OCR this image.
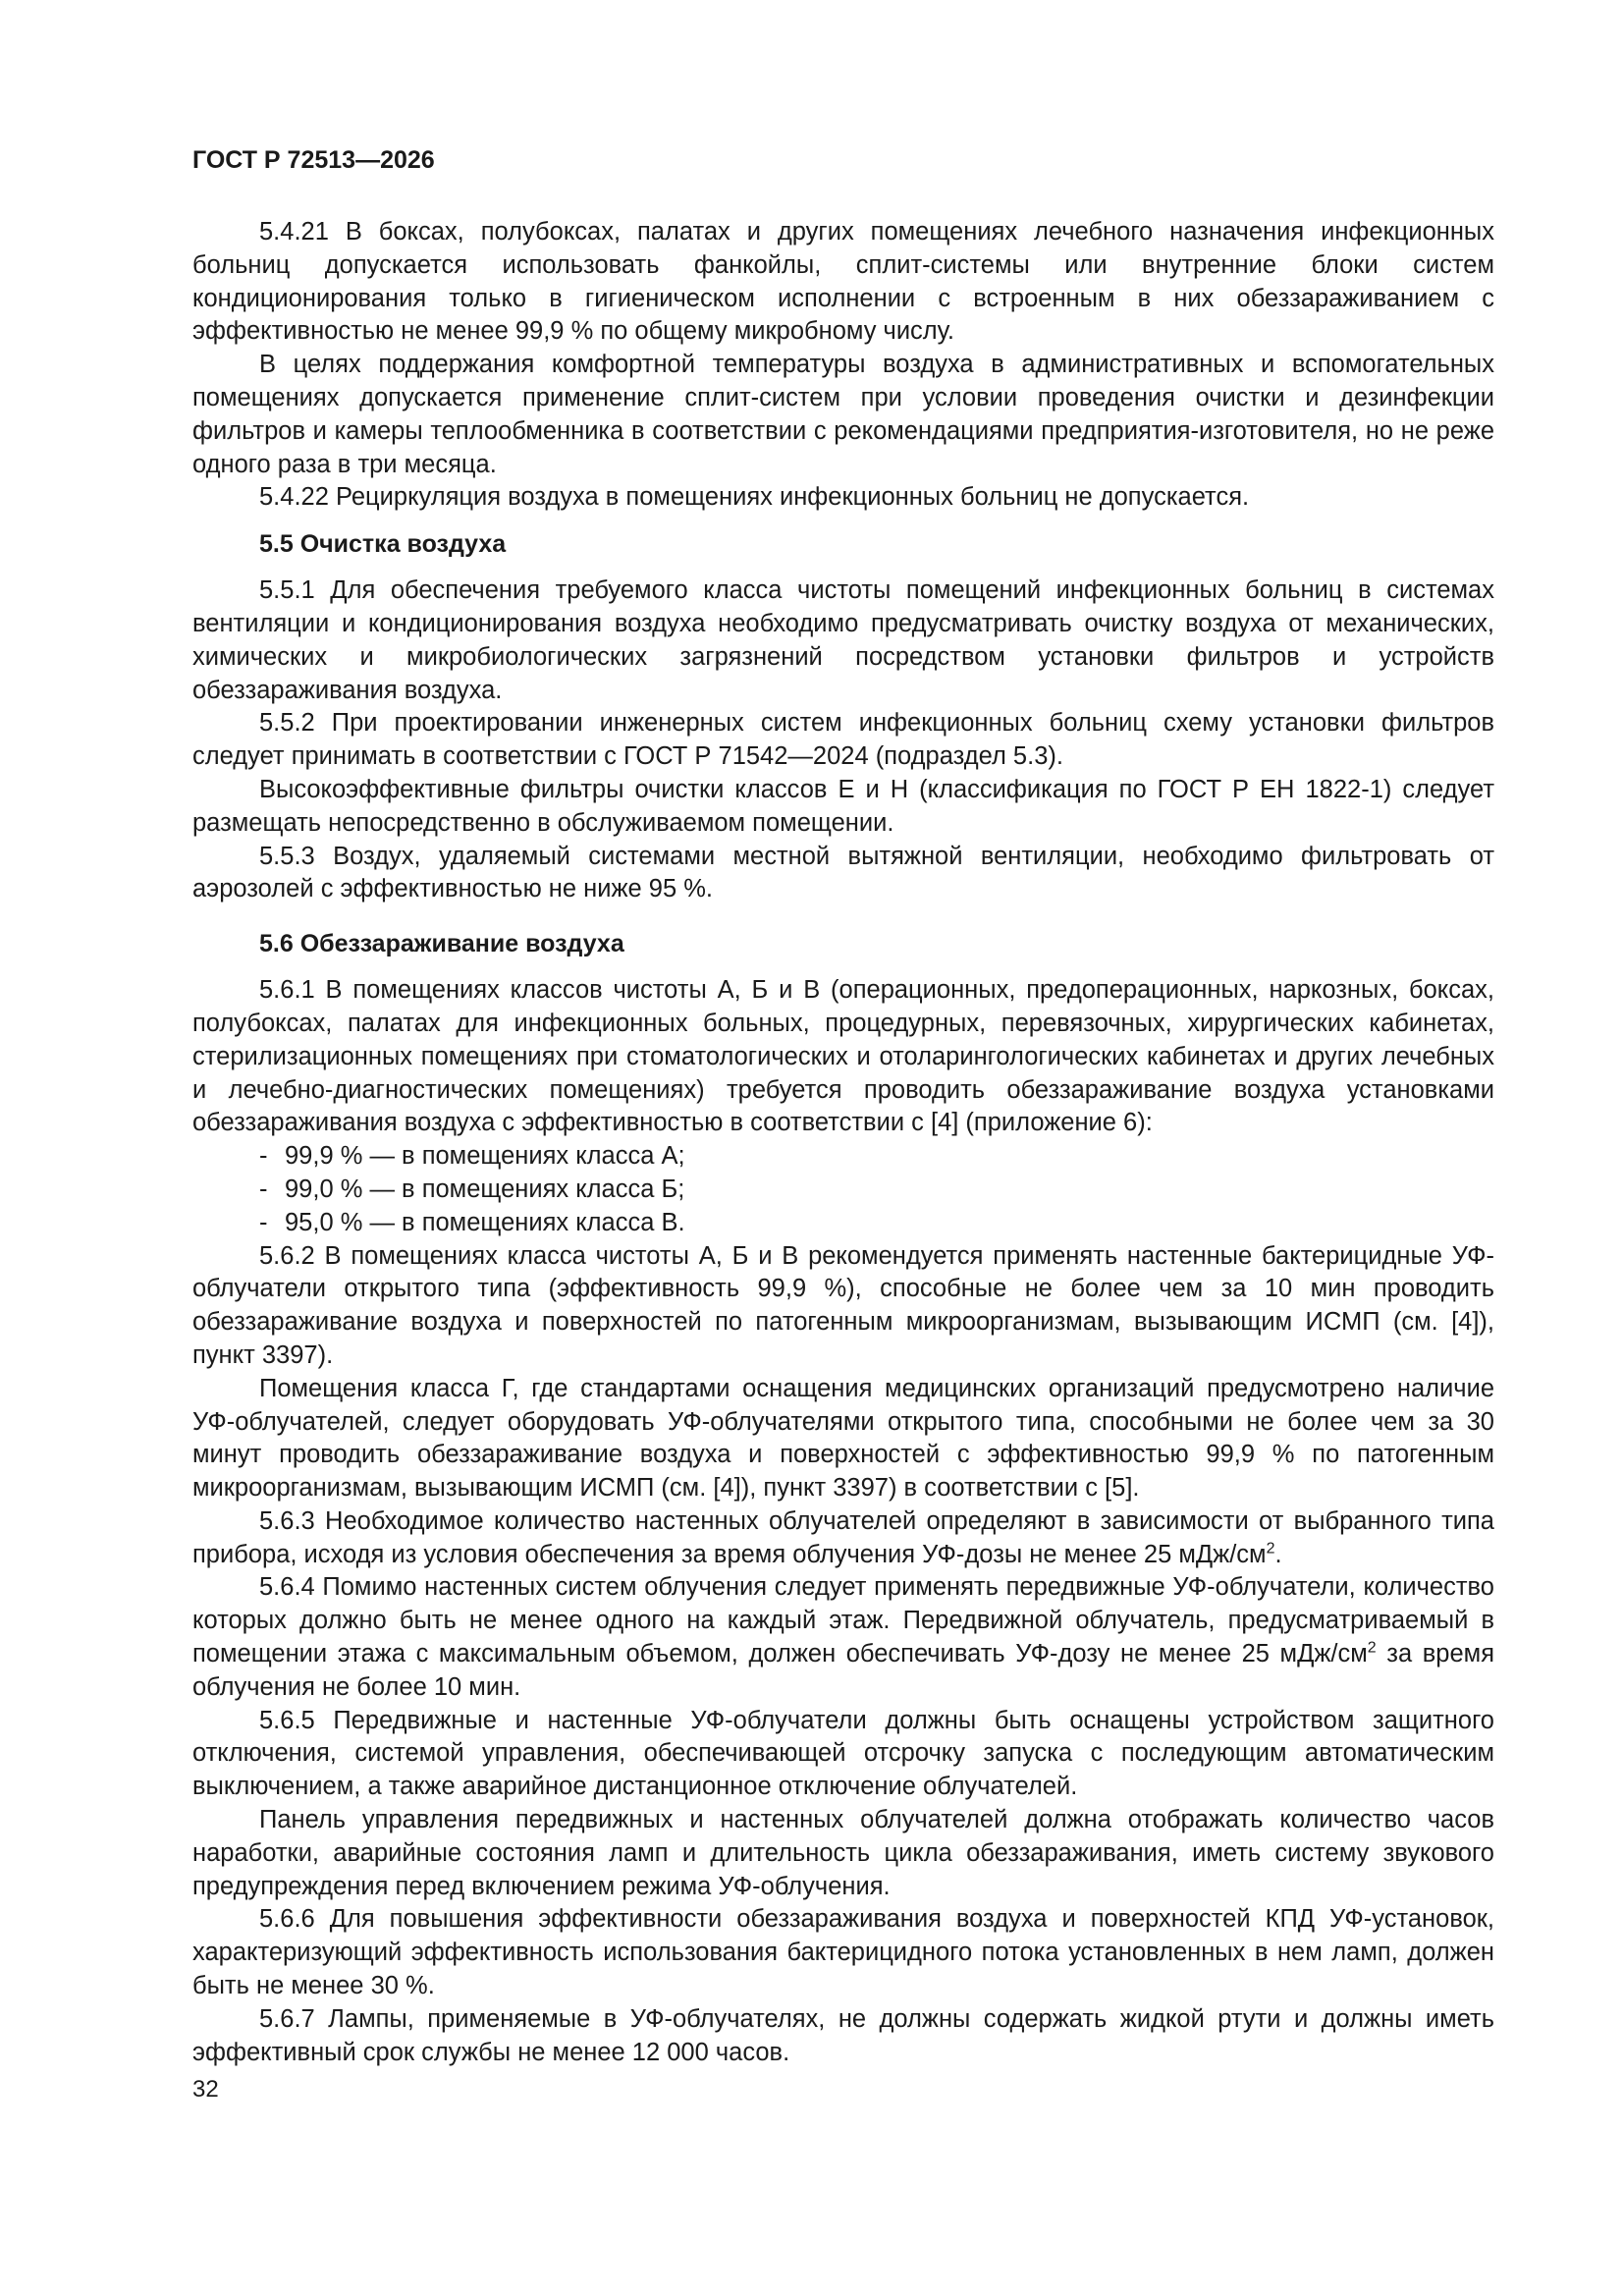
ГОСТ Р 72513—2026

5.4.21 В боксах, полубоксах, палатах и других помещениях лечебного назначения инфекционных больниц допускается использовать фанкойлы, сплит-системы или внутренние блоки систем кондиционирования только в гигиеническом исполнении с встроенным в них обеззараживанием с эффективностью не менее 99,9 % по общему микробному числу.

В целях поддержания комфортной температуры воздуха в административных и вспомогательных помещениях допускается применение сплит-систем при условии проведения очистки и дезинфекции фильтров и камеры теплообменника в соответствии с рекомендациями предприятия-изготовителя, но не реже одного раза в три месяца.

5.4.22 Рециркуляция воздуха в помещениях инфекционных больниц не допускается.

5.5 Очистка воздуха

5.5.1 Для обеспечения требуемого класса чистоты помещений инфекционных больниц в системах вентиляции и кондиционирования воздуха необходимо предусматривать очистку воздуха от механических, химических и микробиологических загрязнений посредством установки фильтров и устройств обеззараживания воздуха.

5.5.2 При проектировании инженерных систем инфекционных больниц схему установки фильтров следует принимать в соответствии с ГОСТ Р 71542—2024 (подраздел 5.3).

Высокоэффективные фильтры очистки классов Е и Н (классификация по ГОСТ Р ЕН 1822-1) следует размещать непосредственно в обслуживаемом помещении.

5.5.3 Воздух, удаляемый системами местной вытяжной вентиляции, необходимо фильтровать от аэрозолей с эффективностью не ниже 95 %.

5.6 Обеззараживание воздуха

5.6.1 В помещениях классов чистоты А, Б и В (операционных, предоперационных, наркозных, боксах, полубоксах, палатах для инфекционных больных, процедурных, перевязочных, хирургических кабинетах, стерилизационных помещениях при стоматологических и отоларингологических кабинетах и других лечебных и лечебно-диагностических помещениях) требуется проводить обеззараживание воздуха установками обеззараживания воздуха с эффективностью в соответствии с [4] (приложение 6):

- 99,9 % — в помещениях класса А;
- 99,0 % — в помещениях класса Б;
- 95,0 % — в помещениях класса В.

5.6.2 В помещениях класса чистоты А, Б и В рекомендуется применять настенные бактерицидные УФ-облучатели открытого типа (эффективность 99,9 %), способные не более чем за 10 мин проводить обеззараживание воздуха и поверхностей по патогенным микроорганизмам, вызывающим ИСМП (см. [4]), пункт 3397).

Помещения класса Г, где стандартами оснащения медицинских организаций предусмотрено наличие УФ-облучателей, следует оборудовать УФ-облучателями открытого типа, способными не более чем за 30 минут проводить обеззараживание воздуха и поверхностей с эффективностью 99,9 % по патогенным микроорганизмам, вызывающим ИСМП (см. [4]), пункт 3397) в соответствии с [5].

5.6.3 Необходимое количество настенных облучателей определяют в зависимости от выбранного типа прибора, исходя из условия обеспечения за время облучения УФ-дозы не менее 25 мДж/$см^2$.

5.6.4 Помимо настенных систем облучения следует применять передвижные УФ-облучатели, количество которых должно быть не менее одного на каждый этаж. Передвижной облучатель, предусматриваемый в помещении этажа с максимальным объемом, должен обеспечивать УФ-дозу не менее 25 мДж/$см^2$ за время облучения не более 10 мин.

5.6.5 Передвижные и настенные УФ-облучатели должны быть оснащены устройством защитного отключения, системой управления, обеспечивающей отсрочку запуска с последующим автоматическим выключением, а также аварийное дистанционное отключение облучателей.

Панель управления передвижных и настенных облучателей должна отображать количество часов наработки, аварийные состояния ламп и длительность цикла обеззараживания, иметь систему звукового предупреждения перед включением режима УФ-облучения.

5.6.6 Для повышения эффективности обеззараживания воздуха и поверхностей КПД УФ-установок, характеризующий эффективность использования бактерицидного потока установленных в нем ламп, должен быть не менее 30 %.

5.6.7 Лампы, применяемые в УФ-облучателях, не должны содержать жидкой ртути и должны иметь эффективный срок службы не менее 12 000 часов.

32
